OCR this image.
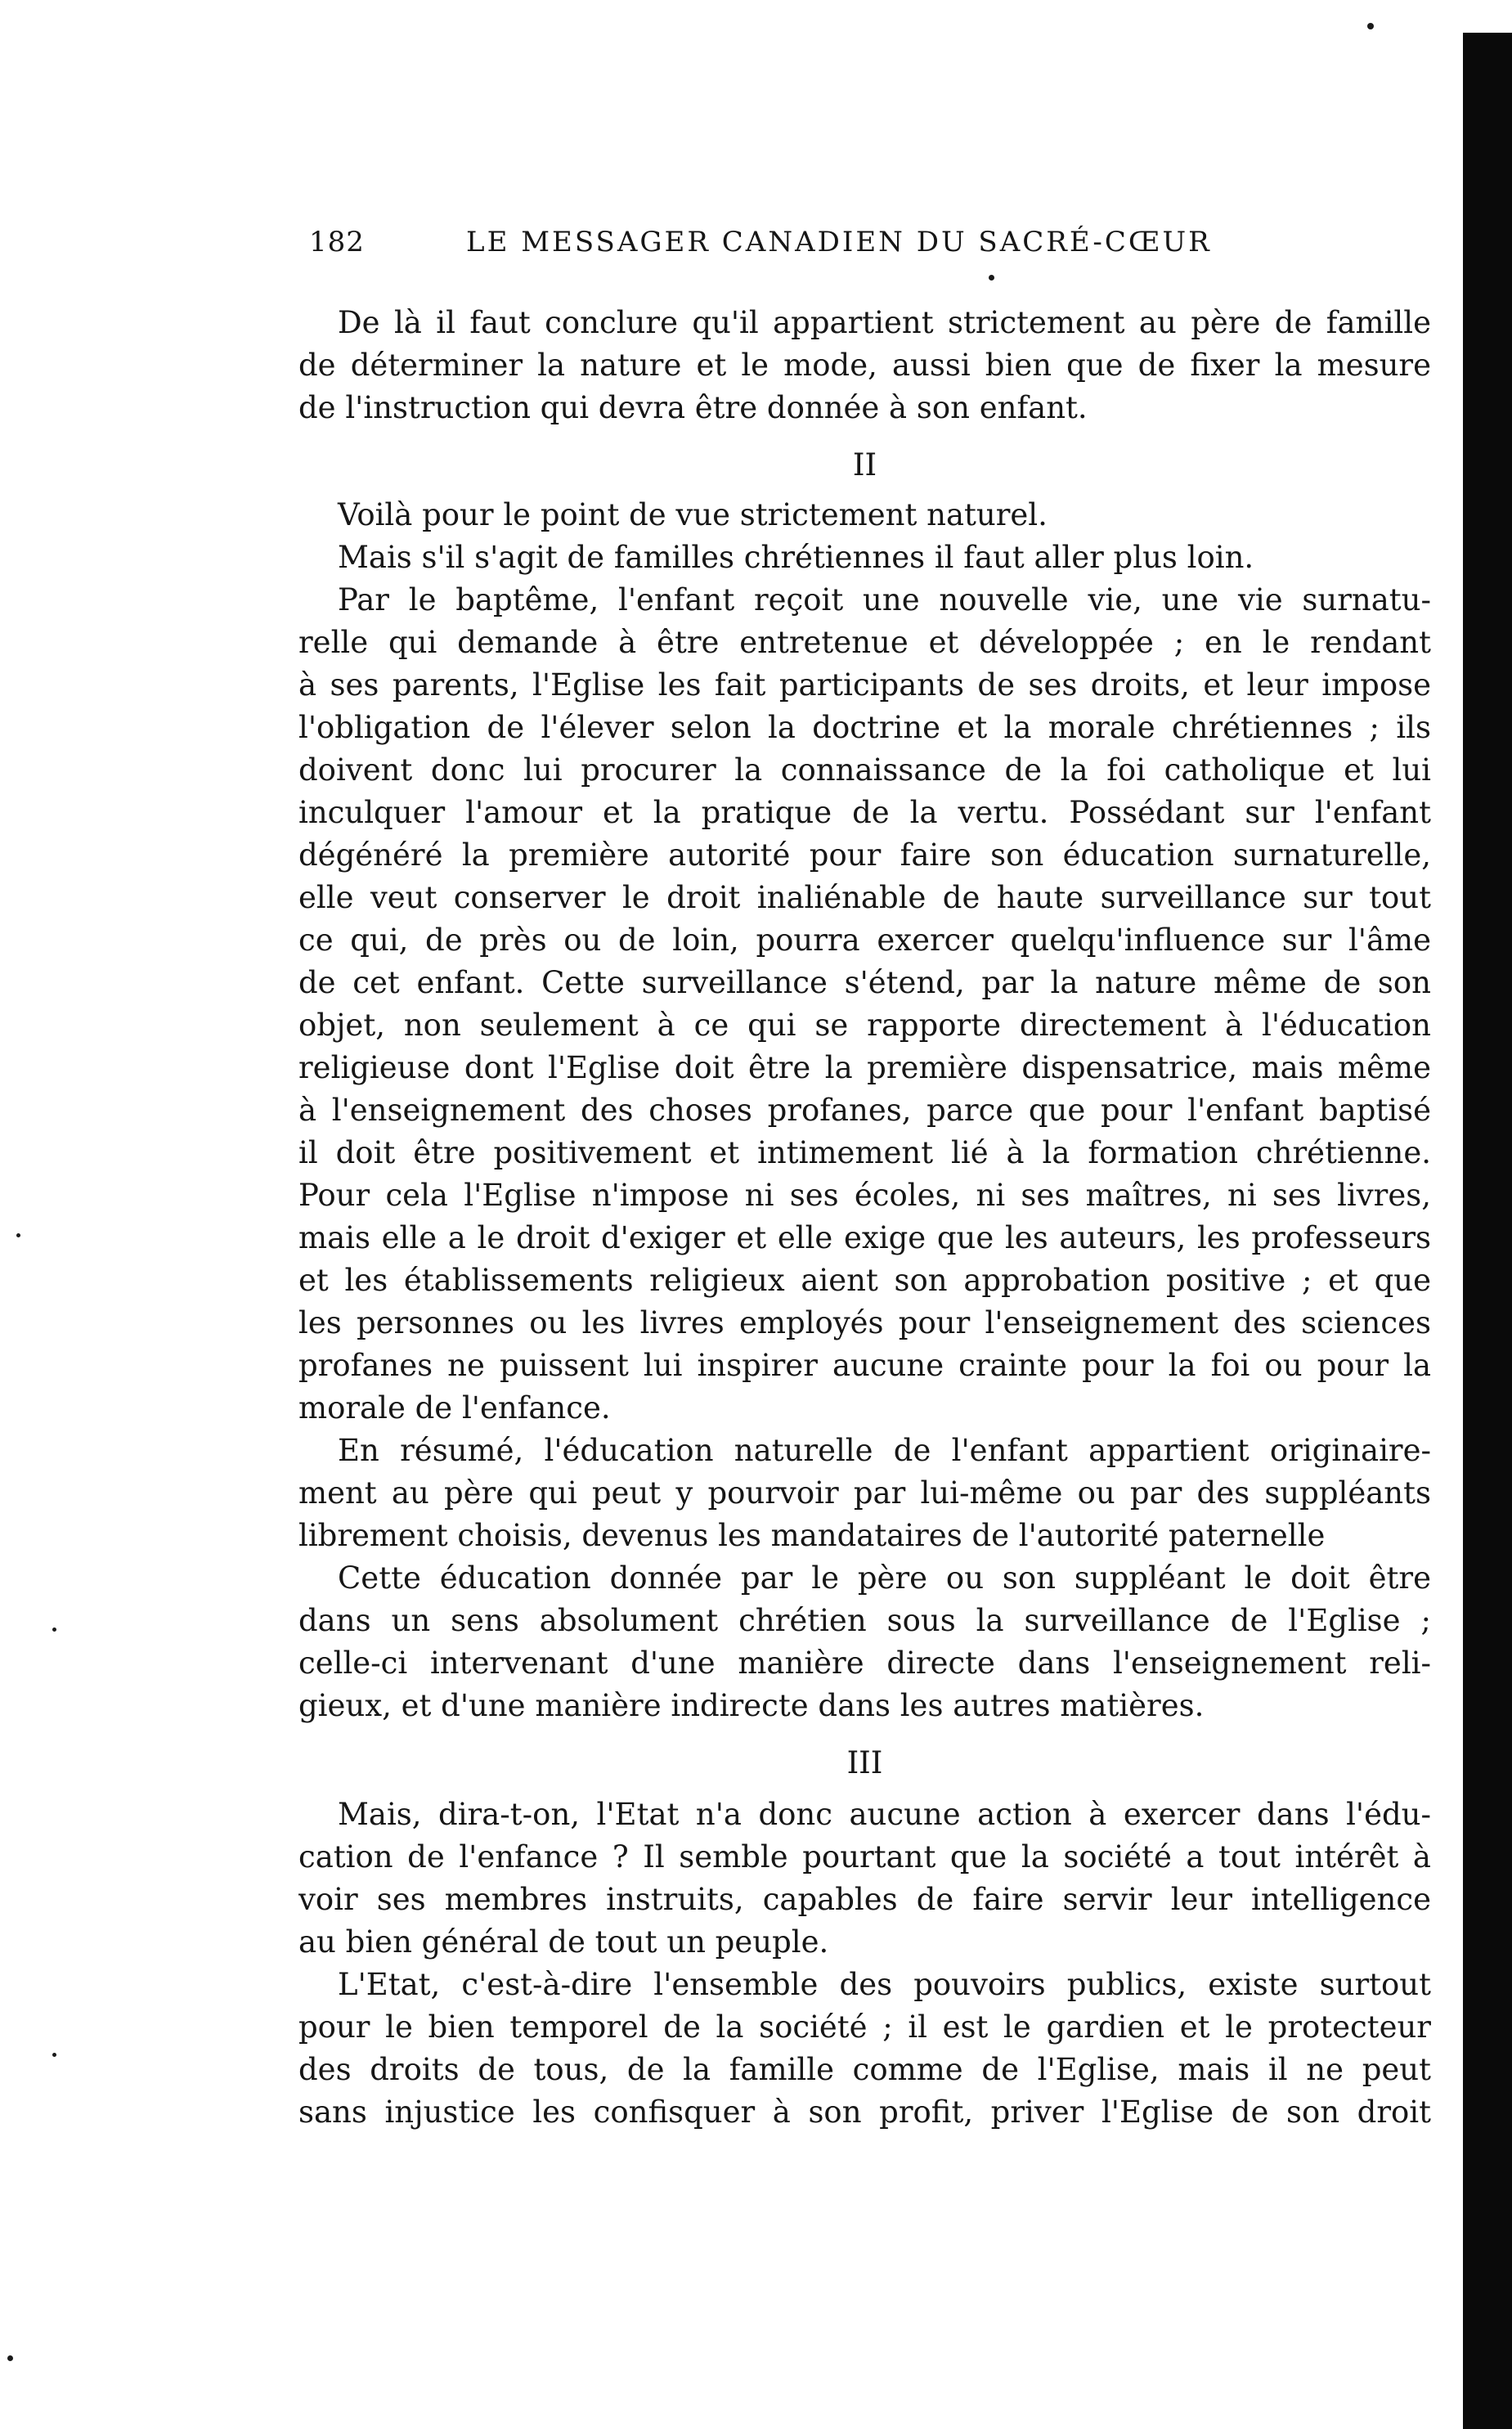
182	LE MESSAGER CANADIEN DU SACRÉ-CŒUR
De là il faut conclure qu'il appartient strictement au père de famille
de déterminer la nature et le mode, aussi bien que de fixer la mesure
de l'instruction qui devra être donnée à son enfant.
II
Voilà pour le point de vue strictement naturel.
Mais s'il s'agit de familles chrétiennes il faut aller plus loin.
Par le baptême, l'enfant reçoit une nouvelle vie, une vie surnatu-
relle qui demande à être entretenue et développée ; en le rendant
à ses parents, l'Eglise les fait participants de ses droits, et leur impose
l'obligation de l'élever selon la doctrine et la morale chrétiennes ; ils
doivent donc lui procurer la connaissance de la foi catholique et lui
inculquer l'amour et la pratique de la vertu. Possédant sur l'enfant
dégénéré la première autorité pour faire son éducation surnaturelle,
elle veut conserver le droit inaliénable de haute surveillance sur tout
ce qui, de près ou de loin, pourra exercer quelqu'influence sur l'âme
de cet enfant. Cette surveillance s'étend, par la nature même de son
objet, non seulement à ce qui se rapporte directement à l'éducation
religieuse dont l'Eglise doit être la première dispensatrice, mais même
à l'enseignement des choses profanes, parce que pour l'enfant baptisé
il doit être positivement et intimement lié à la formation chrétienne.
Pour cela l'Eglise n'impose ni ses écoles, ni ses maîtres, ni ses livres,
mais elle a le droit d'exiger et elle exige que les auteurs, les professeurs
et les établissements religieux aient son approbation positive ; et que
les personnes ou les livres employés pour l'enseignement des sciences
profanes ne puissent lui inspirer aucune crainte pour la foi ou pour la
morale de l'enfance.
En résumé, l'éducation naturelle de l'enfant appartient originaire-
ment au père qui peut y pourvoir par lui-même ou par des suppléants
librement choisis, devenus les mandataires de l'autorité paternelle
Cette éducation donnée par le père ou son suppléant le doit être
dans un sens absolument chrétien sous la surveillance de l'Eglise ;
celle-ci intervenant d'une manière directe dans l'enseignement reli-
gieux, et d'une manière indirecte dans les autres matières.
III
Mais, dira-t-on, l'Etat n'a donc aucune action à exercer dans l'édu-
cation de l'enfance ? Il semble pourtant que la société a tout intérêt à
voir ses membres instruits, capables de faire servir leur intelligence
au bien général de tout un peuple.
L'Etat, c'est-à-dire l'ensemble des pouvoirs publics, existe surtout
pour le bien temporel de la société ; il est le gardien et le protecteur
des droits de tous, de la famille comme de l'Eglise, mais il ne peut
sans injustice les confisquer à son profit, priver l'Eglise de son droit
